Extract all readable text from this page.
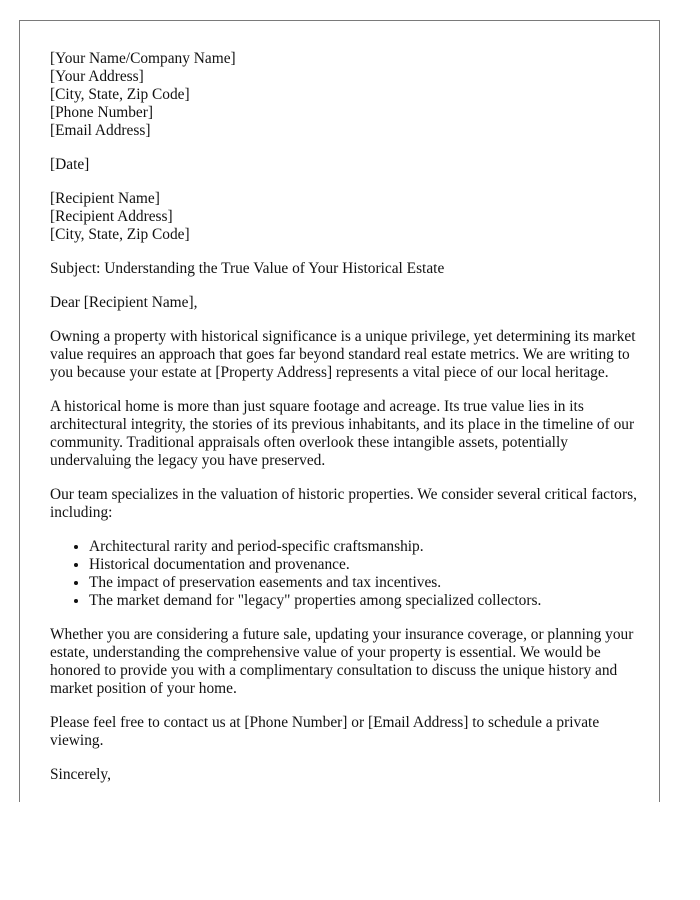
[Your Name/Company Name]
[Your Address]
[City, State, Zip Code]
[Phone Number]
[Email Address]

[Date]

[Recipient Name]
[Recipient Address]
[City, State, Zip Code]

Subject: Understanding the True Value of Your Historical Estate

Dear [Recipient Name],

Owning a property with historical significance is a unique privilege, yet determining its market value requires an approach that goes far beyond standard real estate metrics. We are writing to you because your estate at [Property Address] represents a vital piece of our local heritage.

A historical home is more than just square footage and acreage. Its true value lies in its architectural integrity, the stories of its previous inhabitants, and its place in the timeline of our community. Traditional appraisals often overlook these intangible assets, potentially undervaluing the legacy you have preserved.

Our team specializes in the valuation of historic properties. We consider several critical factors, including:

• Architectural rarity and period-specific craftsmanship.
• Historical documentation and provenance.
• The impact of preservation easements and tax incentives.
• The market demand for "legacy" properties among specialized collectors.

Whether you are considering a future sale, updating your insurance coverage, or planning your estate, understanding the comprehensive value of your property is essential. We would be honored to provide you with a complimentary consultation to discuss the unique history and market position of your home.

Please feel free to contact us at [Phone Number] or [Email Address] to schedule a private viewing.

Sincerely,
